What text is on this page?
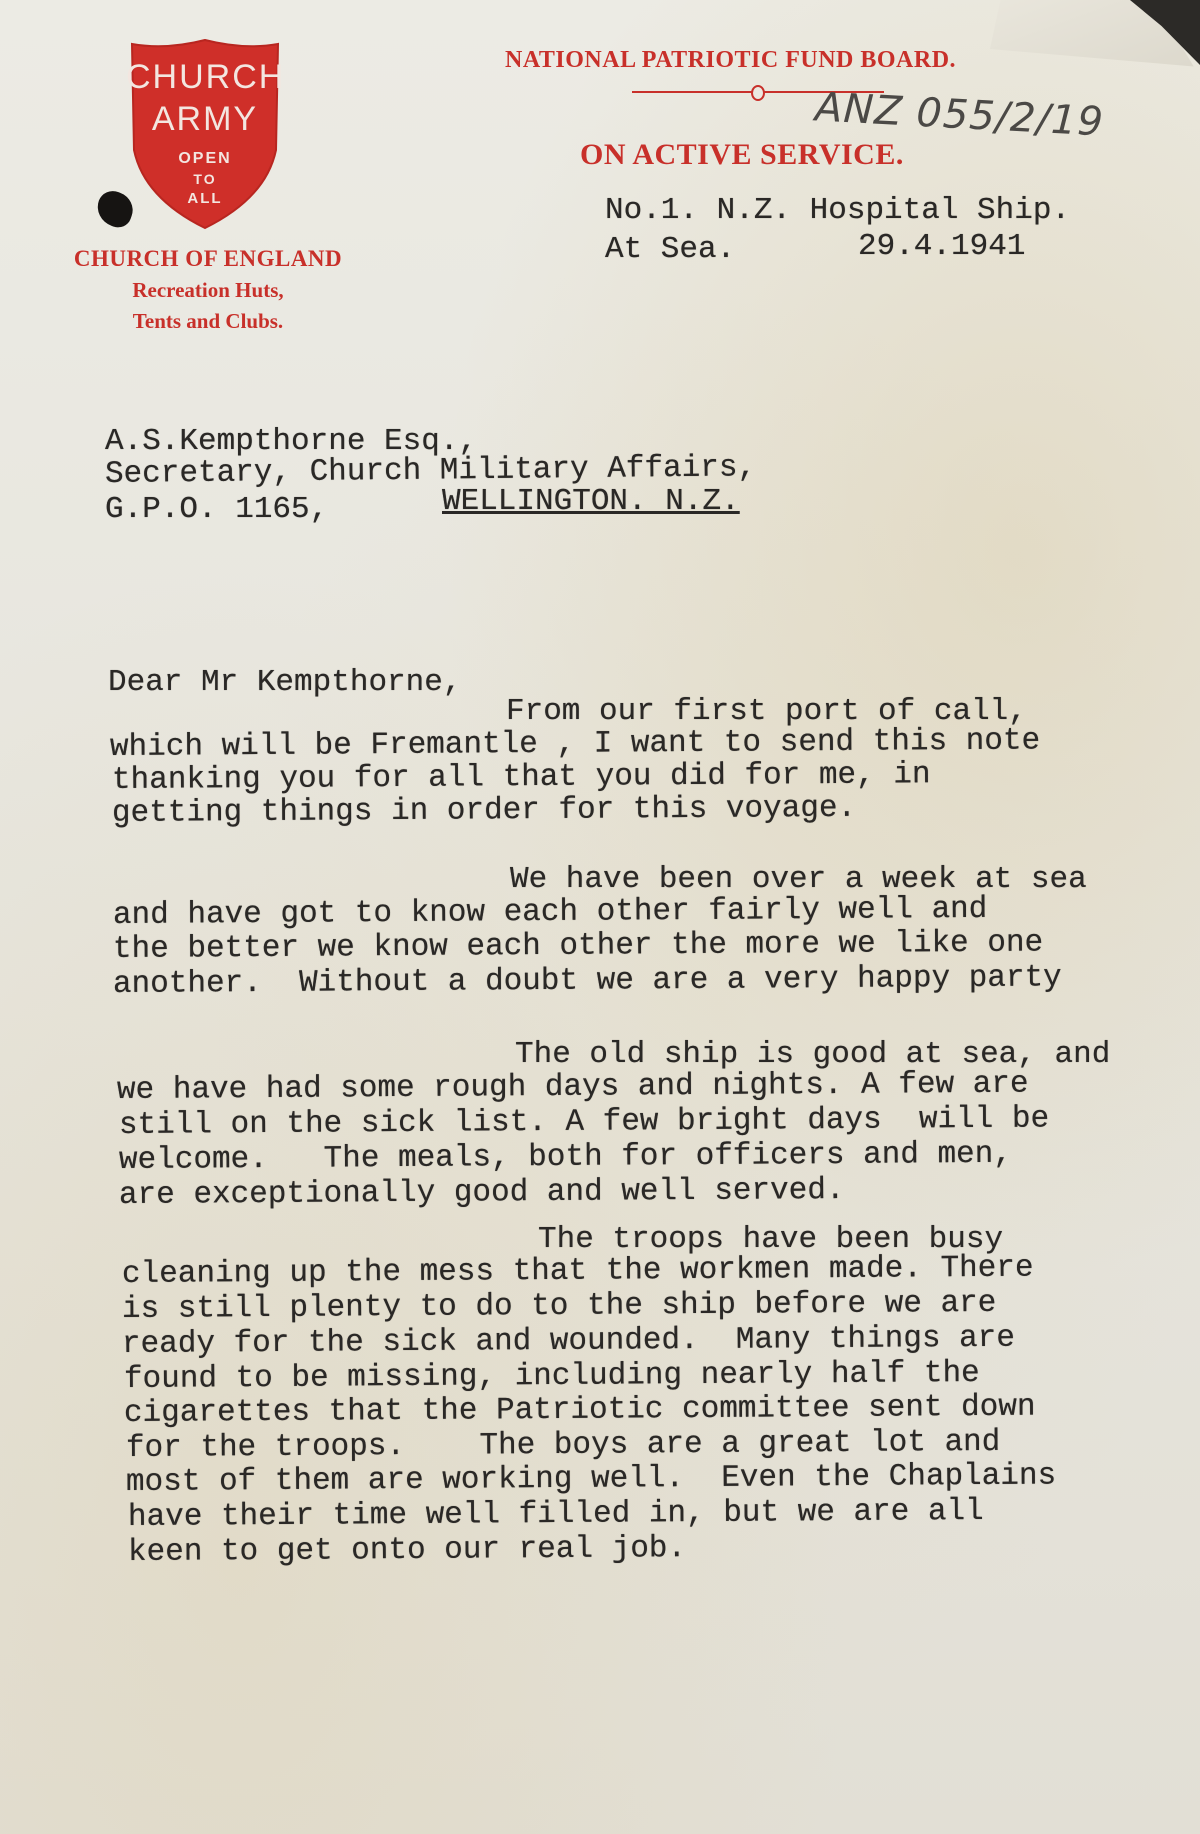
CHURCH
ARMY
OPEN
TO
ALL
CHURCH OF ENGLAND
Recreation Huts,
Tents and Clubs.
NATIONAL PATRIOTIC FUND BOARD.
ON ACTIVE SERVICE.
ANZ 055/2/19
No.1. N.Z. Hospital Ship.
At Sea.	29.4.1941
A.S.Kempthorne Esq.,
Secretary, Church Military Affairs,
G.P.O. 1165,	WELLINGTON. N.Z.
Dear Mr Kempthorne,
From our first port of call,
which will be Fremantle , I want to send this note
thanking you for all that you did for me, in
getting things in order for this voyage.
We have been over a week at sea
and have got to know each other fairly well and
the better we know each other the more we like one
another.  Without a doubt we are a very happy party
The old ship is good at sea, and
we have had some rough days and nights. A few are
still on the sick list. A few bright days  will be
welcome.   The meals, both for officers and men,
are exceptionally good and well served.
The troops have been busy
cleaning up the mess that the workmen made. There
is still plenty to do to the ship before we are
ready for the sick and wounded.  Many things are
found to be missing, including nearly half the
cigarettes that the Patriotic committee sent down
for the troops.    The boys are a great lot and
most of them are working well.  Even the Chaplains
have their time well filled in, but we are all
keen to get onto our real job.
